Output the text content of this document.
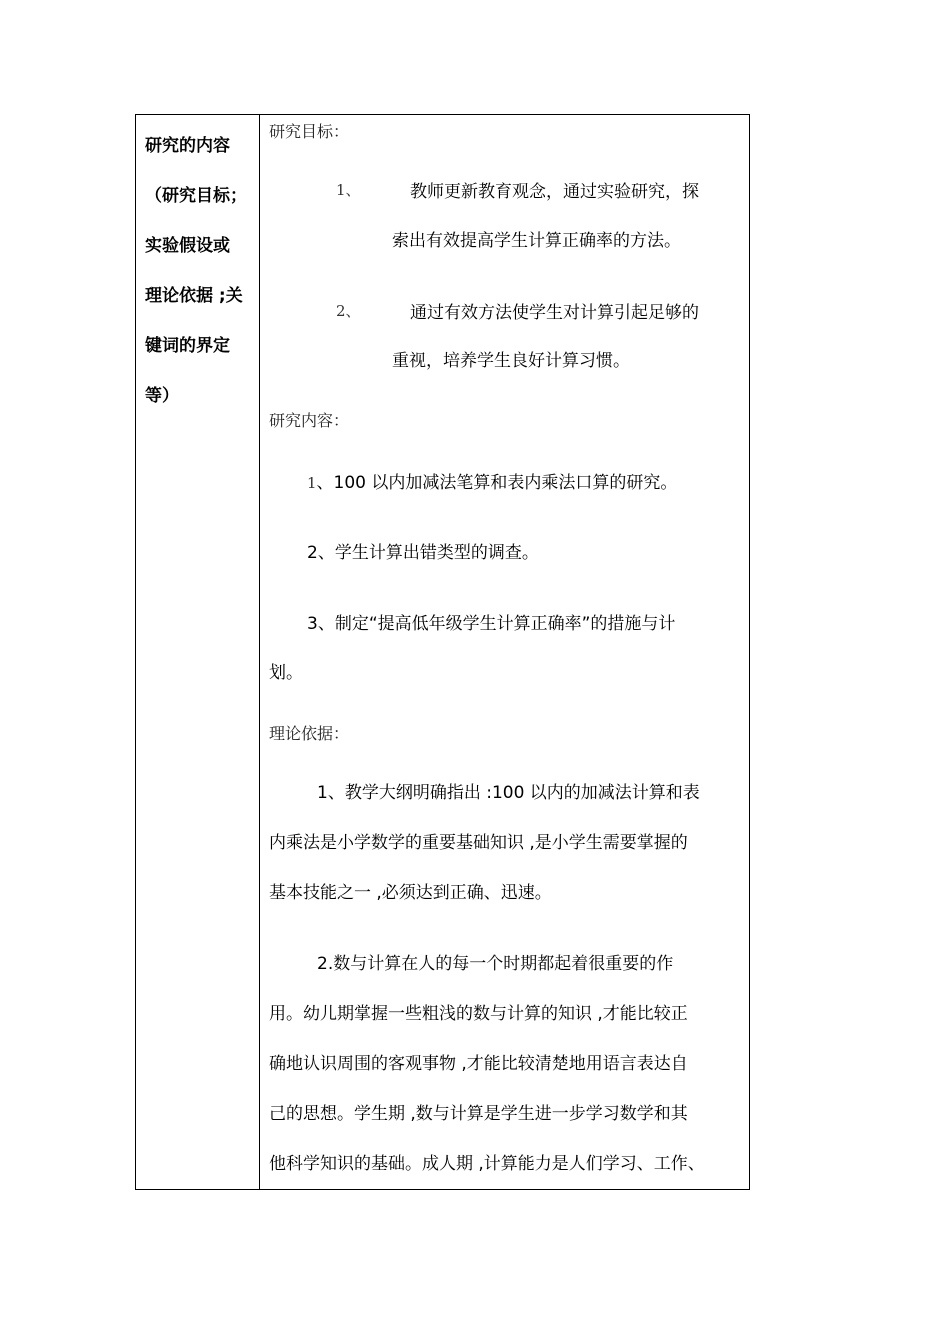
研究的内容
（研究目标；
实验假设或
理论依据 ;关
键词的界定
等）
研究目标：
1、	教师更新教育观念，通过实验研究，探
索出有效提高学生计算正确率的方法。
2、	通过有效方法使学生对计算引起足够的
重视，培养学生良好计算习惯。
研究内容：
1、100 以内加减法笔算和表内乘法口算的研究。
2、学生计算出错类型的调查。
3、制定“提高低年级学生计算正确率”的措施与计
划。
理论依据：
1、教学大纲明确指出 :100 以内的加减法计算和表
内乘法是小学数学的重要基础知识 ,是小学生需要掌握的
基本技能之一 ,必须达到正确、迅速。
2.数与计算在人的每一个时期都起着很重要的作
用。幼儿期掌握一些粗浅的数与计算的知识 ,才能比较正
确地认识周围的客观事物 ,才能比较清楚地用语言表达自
己的思想。学生期 ,数与计算是学生进一步学习数学和其
他科学知识的基础。成人期 ,计算能力是人们学习、工作、
